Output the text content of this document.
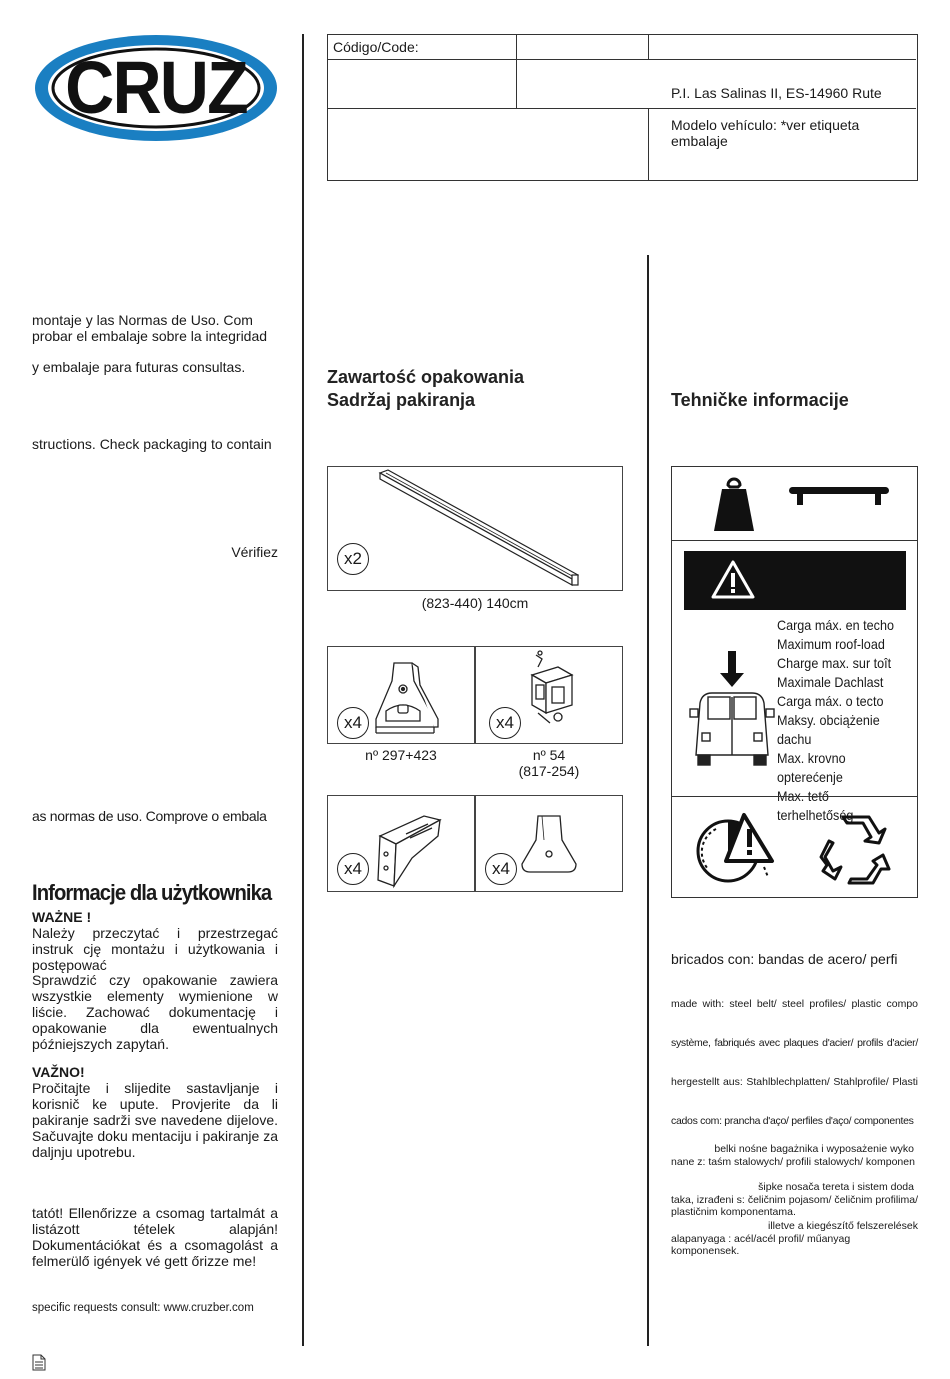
CRUZ	Código/Code:
P.I. Las Salinas II, ES-14960 Rute
Modelo vehículo: *ver etiqueta embalaje
montaje y las Normas de Uso. Com
probar el embalaje sobre la integridad
y embalaje para futuras consultas.
structions. Check packaging to contain
Vérifiez
as normas de uso. Comprove o embala
Informacje dla użytkownika
WAŻNE !
Należy przeczytać i przestrzegać instruk cję montażu i użytkowania i postępować
Sprawdzić czy opakowanie zawiera wszystkie elementy wymienione w liście. Zachować dokumentację i opakowanie dla ewentualnych późniejszych zapytań.
VAŽNO!
Pročitajte i slijedite sastavljanje i korisnič ke upute. Provjerite da li pakiranje sadrži sve navedene dijelove. Sačuvajte doku mentaciju i pakiranje za daljnju upotrebu.
tatót! Ellenőrizze a csomag tartalmát a listázott tételek alapján! Dokumentációkat és a csomagolást a felmerülő igények vé gett őrizze me!
specific requests consult: www.cruzber.com
Zawartość opakowania
Sadržaj pakiranja
x2
(823-440) 140cm
x4	x4
nº 297+423	nº 54
(817-254)
x4	x4
Tehničke informacije
Carga máx. en techo
Maximum roof-load
Charge max. sur toît
Maximale Dachlast
Carga máx. o tecto
Maksy. obciążenie dachu
Max. krovno opterećenje
Max. tető terhelhetőség
bricados con: bandas de acero/ perfi
made with: steel belt/ steel profiles/ plastic compo
système, fabriqués avec plaques d'acier/ profils d'acier/
hergestellt aus: Stahlblechplatten/ Stahlprofile/ Plasti
cados com: prancha d'aço/ perfiles d'aço/ componentes
belki nośne bagażnika i wyposażenie wyko
nane z: taśm stalowych/ profili stalowych/ komponen
šipke nosača tereta i sistem doda
taka, izrađeni s: čeličnim pojasom/ čeličnim profilima/ plastičnim komponentama.
illetve a kiegészítő felszerelések
alapanyaga : acél/acél profil/ műanyag komponensek.
